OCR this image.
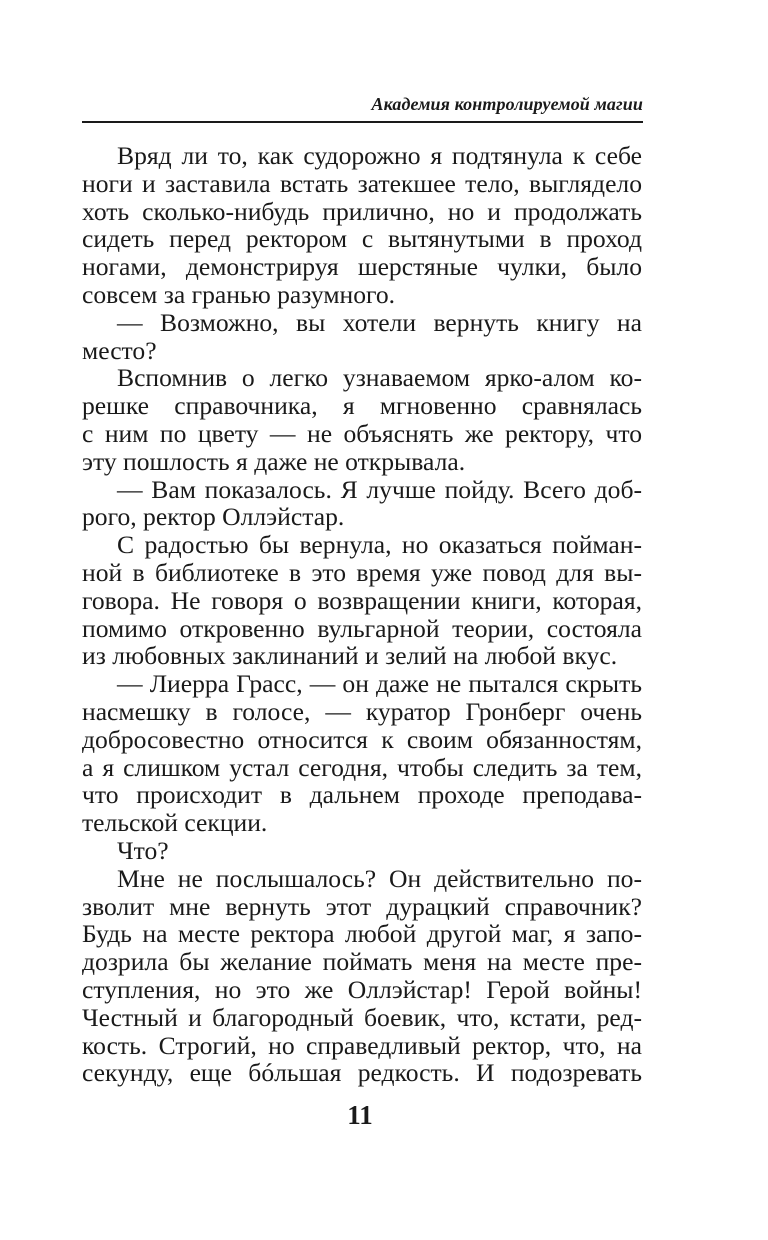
Академия контролируемой магии
Вряд ли то, как судорожно я подтянула к себе
ноги и заставила встать затекшее тело, выглядело
хоть сколько-нибудь прилично, но и продолжать
сидеть перед ректором с вытянутыми в проход
ногами, демонстрируя шерстяные чулки, было
совсем за гранью разумного.
— Возможно, вы хотели вернуть книгу на
место?
Вспомнив о легко узнаваемом ярко-алом ко-
решке справочника, я мгновенно сравнялась
с ним по цвету — не объяснять же ректору, что
эту пошлость я даже не открывала.
— Вам показалось. Я лучше пойду. Всего доб-
рого, ректор Оллэйстар.
С радостью бы вернула, но оказаться пойман-
ной в библиотеке в это время уже повод для вы-
говора. Не говоря о возвращении книги, которая,
помимо откровенно вульгарной теории, состояла
из любовных заклинаний и зелий на любой вкус.
— Лиерра Грасс, — он даже не пытался скрыть
насмешку в голосе, — куратор Гронберг очень
добросовестно относится к своим обязанностям,
а я слишком устал сегодня, чтобы следить за тем,
что происходит в дальнем проходе преподава-
тельской секции.
Что?
Мне не послышалось? Он действительно по-
зволит мне вернуть этот дурацкий справочник?
Будь на месте ректора любой другой маг, я запо-
дозрила бы желание поймать меня на месте пре-
ступления, но это же Оллэйстар! Герой войны!
Честный и благородный боевик, что, кстати, ред-
кость. Строгий, но справедливый ректор, что, на
секунду, еще бóльшая редкость. И подозревать
11
